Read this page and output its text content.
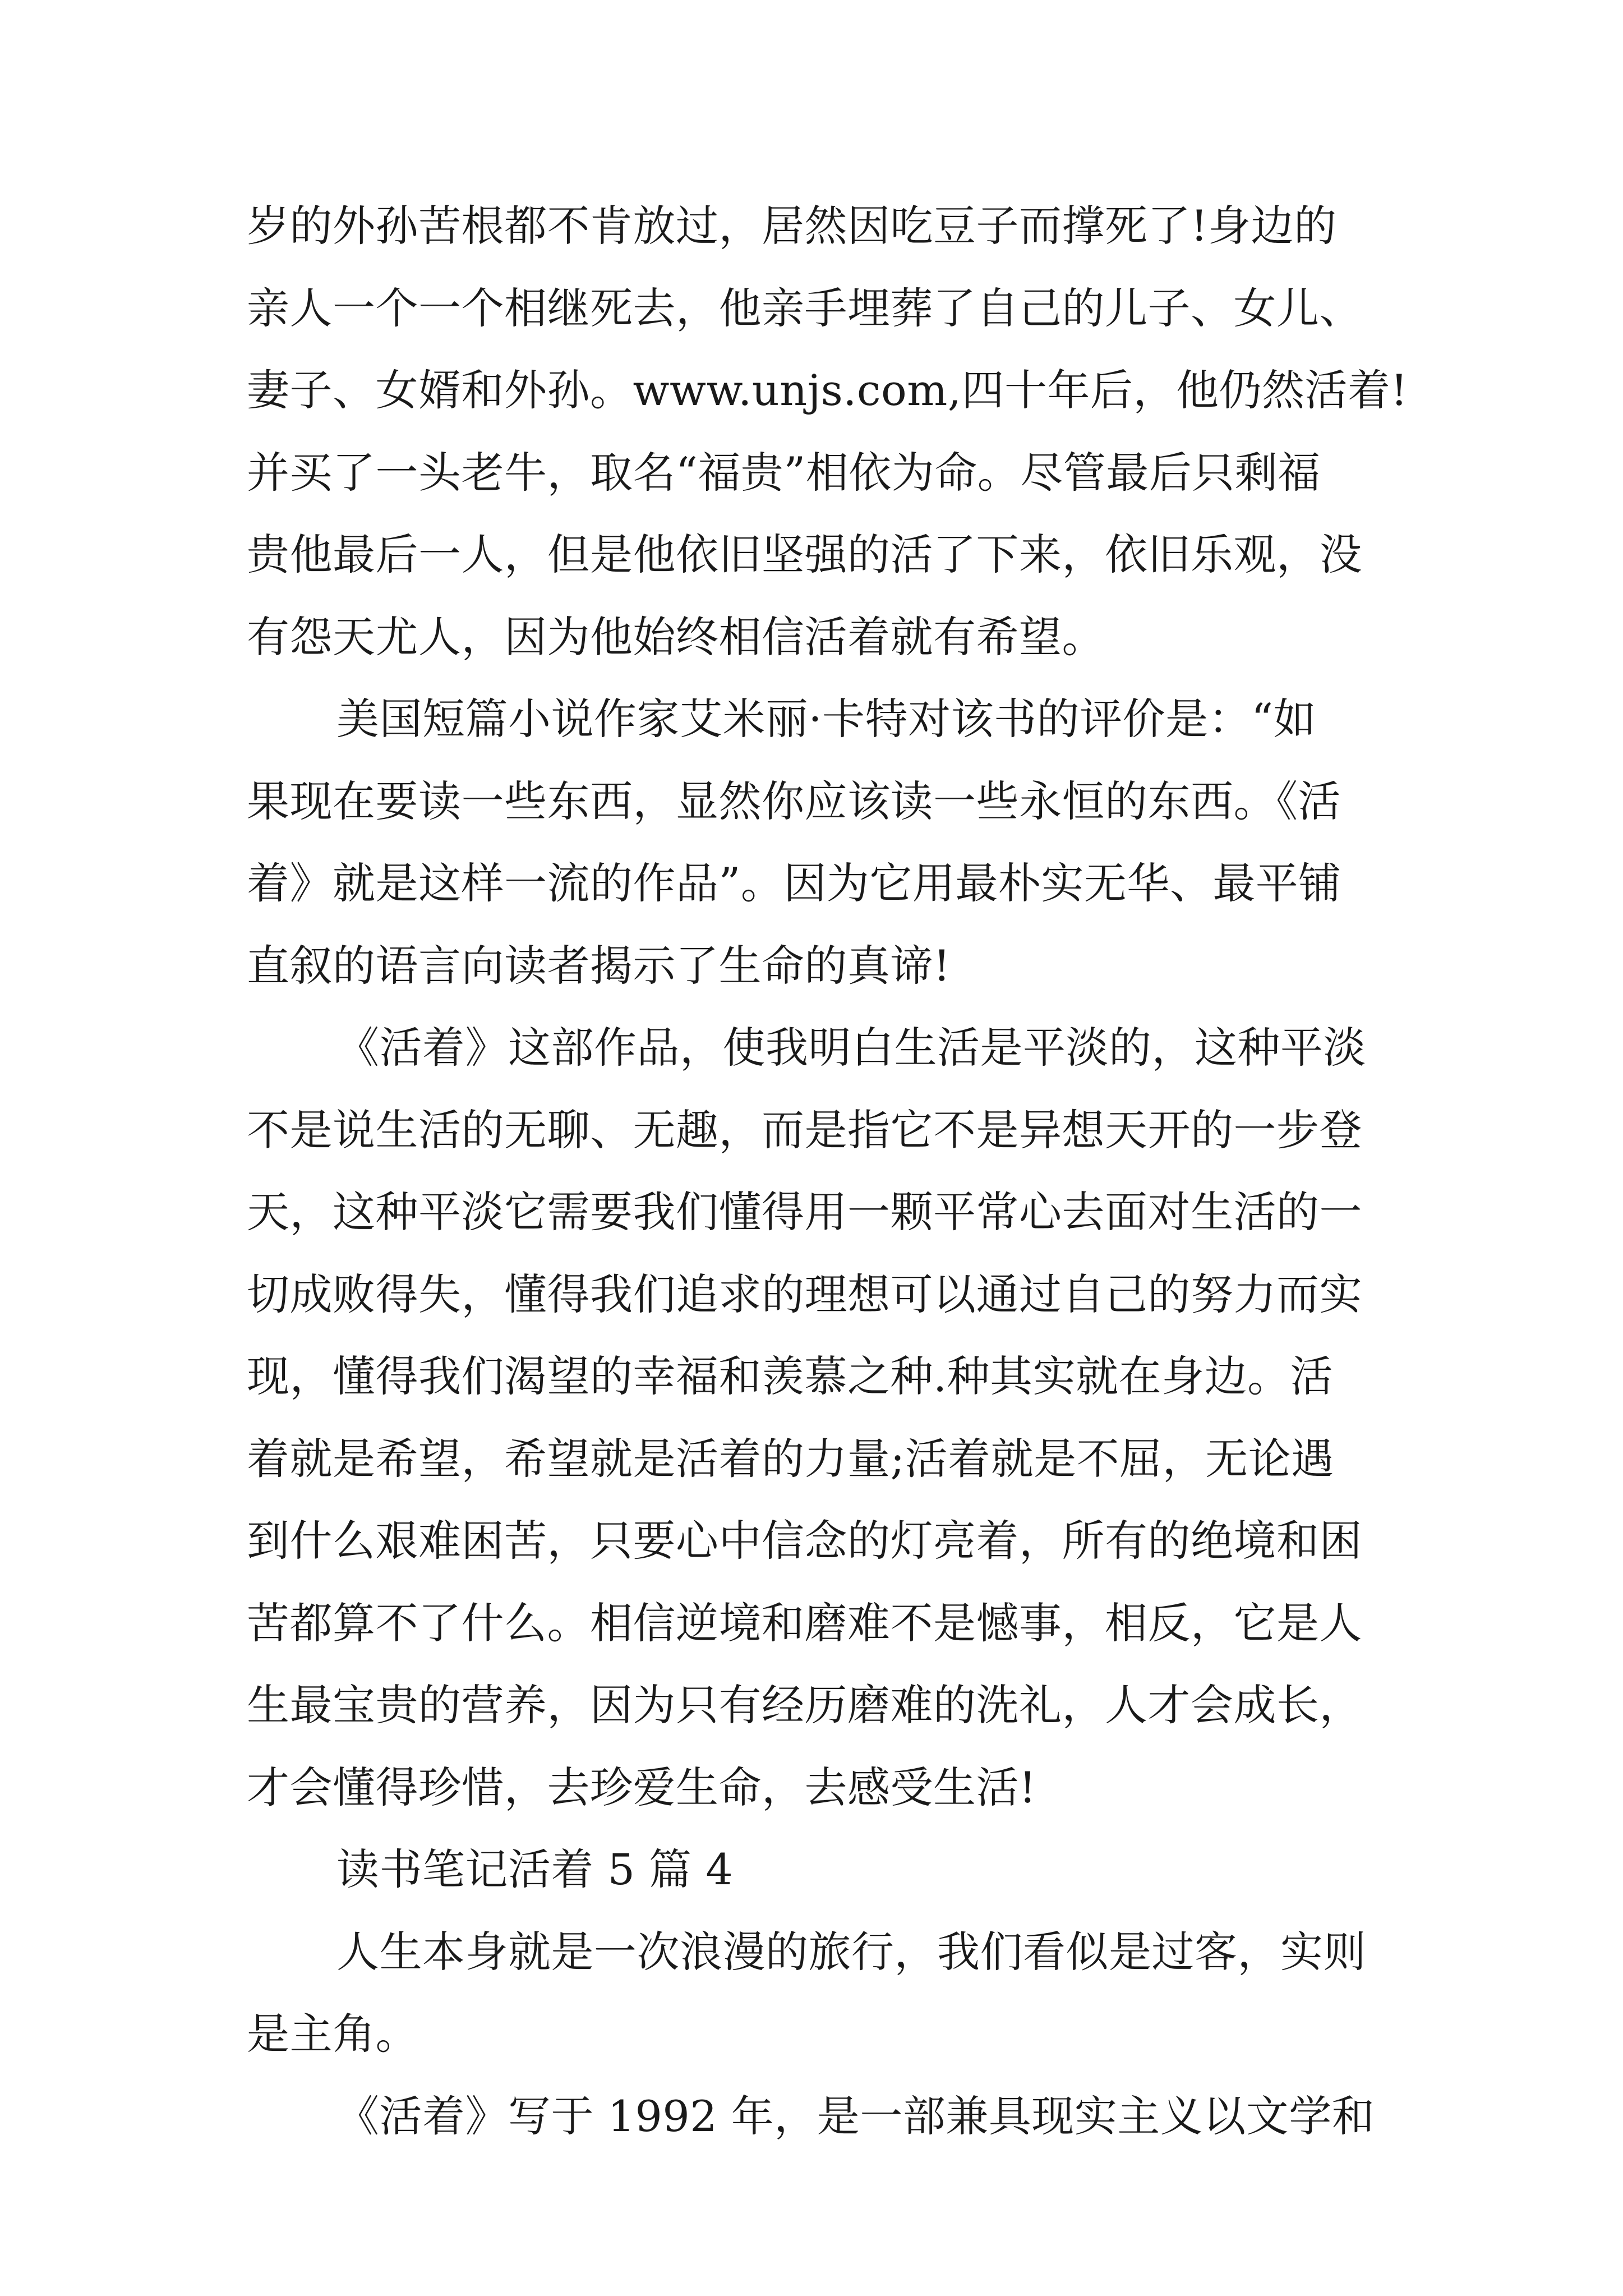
岁的外孙苦根都不肯放过，居然因吃豆子而撑死了!身边的
亲人一个一个相继死去，他亲手埋葬了自己的儿子、女儿、
妻子、女婿和外孙。www.unjs.com,四十年后，他仍然活着!
并买了一头老牛，取名“福贵”相依为命。尽管最后只剩福
贵他最后一人，但是他依旧坚强的活了下来，依旧乐观，没
有怨天尤人，因为他始终相信活着就有希望。
美国短篇小说作家艾米丽·卡特对该书的评价是：“如
果现在要读一些东西，显然你应该读一些永恒的东西。《活
着》就是这样一流的作品”。因为它用最朴实无华、最平铺
直叙的语言向读者揭示了生命的真谛!
《活着》这部作品，使我明白生活是平淡的，这种平淡
不是说生活的无聊、无趣，而是指它不是异想天开的一步登
天，这种平淡它需要我们懂得用一颗平常心去面对生活的一
切成败得失，懂得我们追求的理想可以通过自己的努力而实
现，懂得我们渴望的幸福和羡慕之种.种其实就在身边。活
着就是希望，希望就是活着的力量;活着就是不屈，无论遇
到什么艰难困苦，只要心中信念的灯亮着，所有的绝境和困
苦都算不了什么。相信逆境和磨难不是憾事，相反，它是人
生最宝贵的营养，因为只有经历磨难的洗礼，人才会成长，
才会懂得珍惜，去珍爱生命，去感受生活!
读书笔记活着 5 篇 4
人生本身就是一次浪漫的旅行，我们看似是过客，实则
是主角。
《活着》写于 1992 年，是一部兼具现实主义以文学和
